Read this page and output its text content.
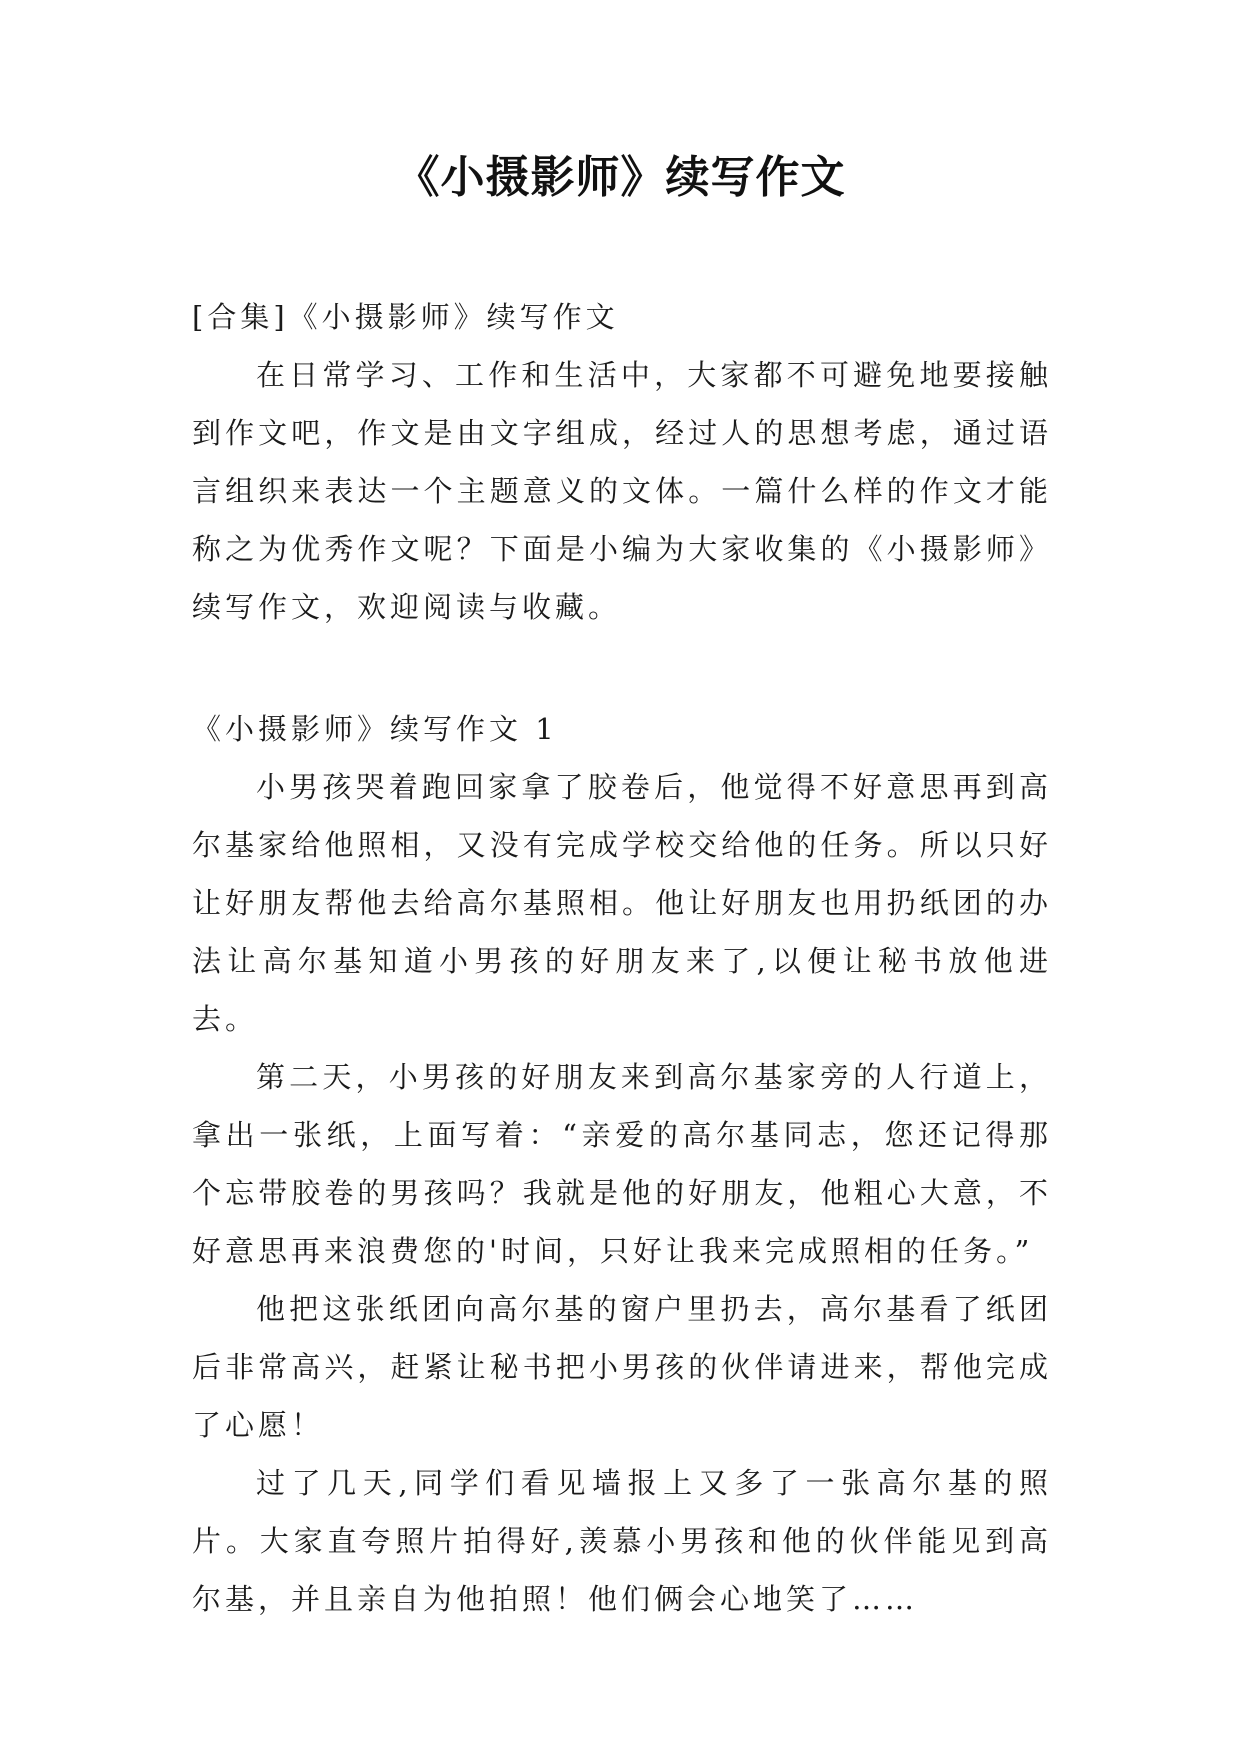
《小摄影师》续写作文
[合集]《小摄影师》续写作文

在日常学习、工作和生活中，大家都不可避免地要接触到作文吧，作文是由文字组成，经过人的思想考虑，通过语言组织来表达一个主题意义的文体。一篇什么样的作文才能称之为优秀作文呢？下面是小编为大家收集的《小摄影师》续写作文，欢迎阅读与收藏。

《小摄影师》续写作文 1

小男孩哭着跑回家拿了胶卷后，他觉得不好意思再到高尔基家给他照相，又没有完成学校交给他的任务。所以只好让好朋友帮他去给高尔基照相。他让好朋友也用扔纸团的办法让高尔基知道小男孩的好朋友来了,以便让秘书放他进去。

第二天，小男孩的好朋友来到高尔基家旁的人行道上，拿出一张纸，上面写着：“亲爱的高尔基同志，您还记得那个忘带胶卷的男孩吗？我就是他的好朋友，他粗心大意，不好意思再来浪费您的'时间，只好让我来完成照相的任务。”

他把这张纸团向高尔基的窗户里扔去，高尔基看了纸团后非常高兴，赶紧让秘书把小男孩的伙伴请进来，帮他完成了心愿！

过了几天,同学们看见墙报上又多了一张高尔基的照片。大家直夸照片拍得好,羡慕小男孩和他的伙伴能见到高尔基，并且亲自为他拍照！他们俩会心地笑了……
